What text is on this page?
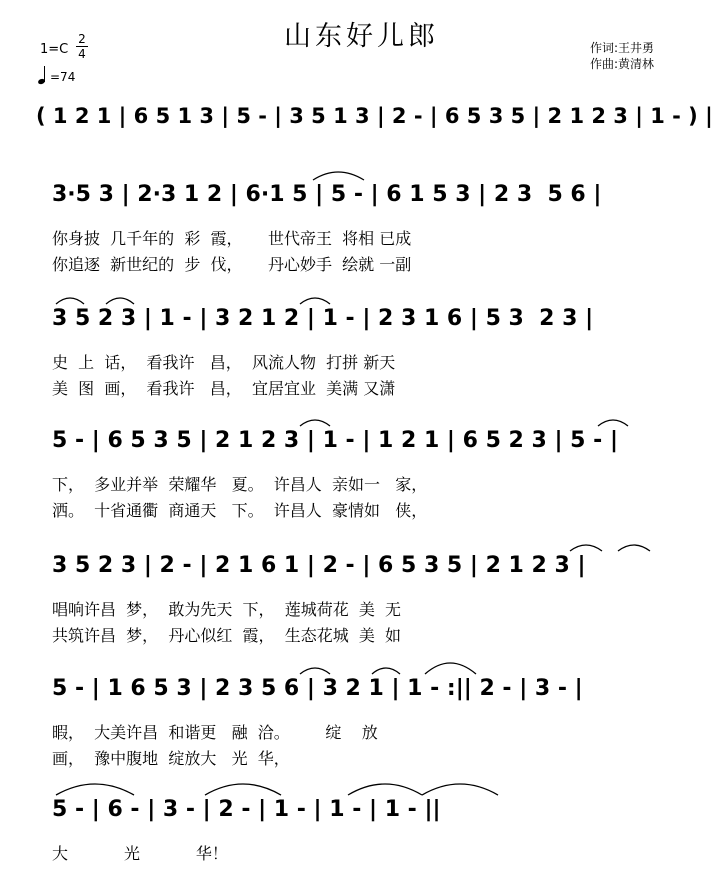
山东好儿郎
1=C
2
4
=74
作词:王井勇
作曲:黄清林
( 1 2 1 | 6 5 1 3 | 5 - | 3 5 1 3 | 2 - | 6 5 3 5 | 2 1 2 3 | 1 - ) |
3·5 3 | 2·3 1 2 | 6·1 5 | 5 - | 6 1 5 3 | 2 3  5 6 |
你身披  几千年的  彩  霞，     世代帝王  将相 已成
你追逐  新世纪的  步  伐，     丹心妙手  绘就 一副
3 5 2 3 | 1 - | 3 2 1 2 | 1 - | 2 3 1 6 | 5 3  2 3 |
史  上  话，  看我许   昌，  风流人物  打拼 新天
美  图  画，  看我许   昌，  宜居宜业  美满 又潇
5 - | 6 5 3 5 | 2 1 2 3 | 1 - | 1 2 1 | 6 5 2 3 | 5 - |
下，  多业并举  荣耀华   夏。  许昌人  亲如一   家，
洒。  十省通衢  商通天   下。  许昌人  豪情如   侠，
3 5 2 3 | 2 - | 2 1 6 1 | 2 - | 6 5 3 5 | 2 1 2 3 |
唱响许昌  梦，  敢为先天  下，  莲城荷花  美  无
共筑许昌  梦，  丹心似红  霞，  生态花城  美  如
5 - | 1 6 5 3 | 2 3 5 6 | 3 2 1 | 1 - :|| 2 - | 3 - |
暇，  大美许昌  和谐更   融  洽。       绽    放
画，  豫中腹地  绽放大   光  华，
5 - | 6 - | 3 - | 2 - | 1 - | 1 - | 1 - ||
大           光           华！
